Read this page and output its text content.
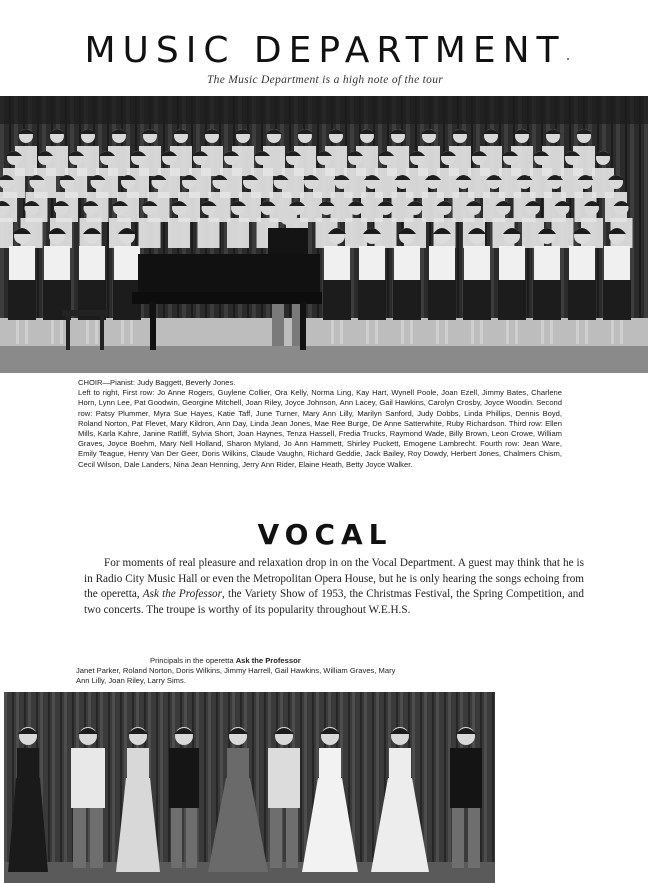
MUSIC DEPARTMENT
The Music Department is a high note of the tour

CHOIR—Pianist: Judy Baggett, Beverly Jones.

Left to right, First row: Jo Anne Rogers, Guylene Collier, Ora Kelly, Norma Ling, Kay Hart, Wynell Poole, Joan Ezell, Jimmy Bates, Charlene Horn, Lynn Lee, Pat Goodwin, Georgine Mitchell, Joan Riley, Joyce Johnson, Ann Lacey, Gail Hawkins, Carolyn Crosby, Joyce Woodin. Second row: Patsy Plummer, Myra Sue Hayes, Katie Taff, June Turner, Mary Ann Lilly, Marilyn Sanford, Judy Dobbs, Linda Phillips, Dennis Boyd, Roland Norton, Pat Flevet, Mary Kildron, Ann Day, Linda Jean Jones, Mae Ree Burge, De Anne Satterwhite, Ruby Richardson. Third row: Ellen Mills, Karla Kahre, Janine Ratliff, Sylvia Short, Joan Haynes, Tenza Hassell, Fredia Trucks, Raymond Wade, Billy Brown, Leon Crowe, William Graves, Joyce Boehm, Mary Nell Holland, Sharon Myland, Jo Ann Hammett, Shirley Puckett, Emogene Lambrecht. Fourth row: Jean Ware, Emily Teague, Henry Van Der Geer, Doris Wilkins, Claude Vaughn, Richard Geddie, Jack Bailey, Roy Dowdy, Herbert Jones, Chalmers Chism, Cecil Wilson, Dale Landers, Nina Jean Henning, Jerry Ann Rider, Elaine Heath, Betty Joyce Walker.

VOCAL

For moments of real pleasure and relaxation drop in on the Vocal Department. A guest may think that he is in Radio City Music Hall or even the Metropolitan Opera House, but he is only hearing the songs echoing from the operetta, Ask the Professor, the Variety Show of 1953, the Christmas Festival, the Spring Competition, and two concerts. The troupe is worthy of its popularity throughout W.E.H.S.

Principals in the operetta Ask the Professor
Janet Parker, Roland Norton, Doris Wilkins, Jimmy Harrell, Gail Hawkins, William Graves, Mary Ann Lilly, Joan Riley, Larry Sims.
